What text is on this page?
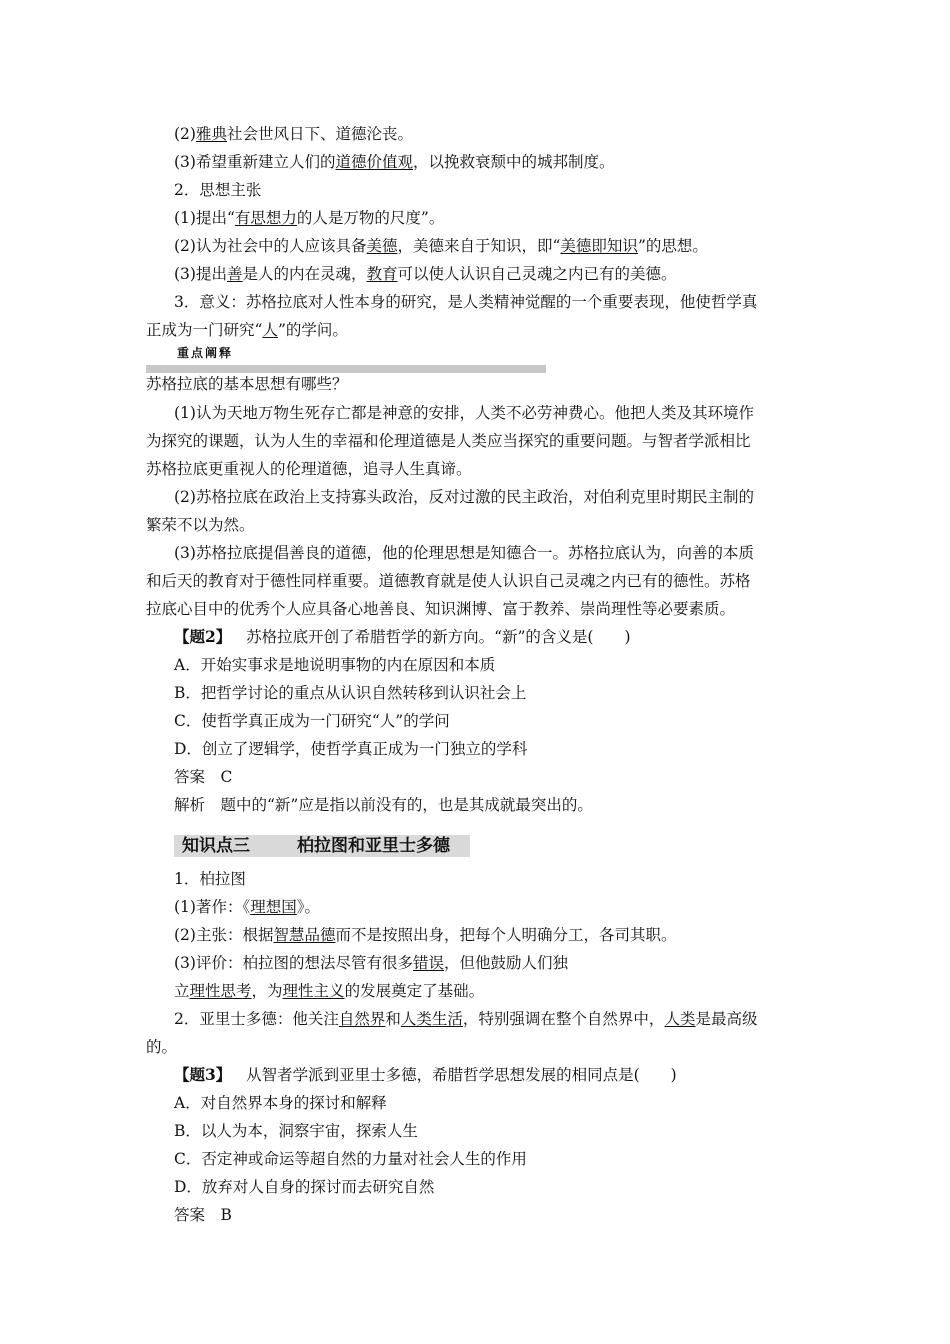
(2)雅典社会世风日下、道德沦丧。
(3)希望重新建立人们的道德价值观，以挽救衰颓中的城邦制度。
2．思想主张
(1)提出“有思想力的人是万物的尺度”。
(2)认为社会中的人应该具备美德，美德来自于知识，即“美德即知识”的思想。
(3)提出善是人的内在灵魂，教育可以使人认识自己灵魂之内已有的美德。
3．意义：苏格拉底对人性本身的研究，是人类精神觉醒的一个重要表现，他使哲学真
正成为一门研究“人”的学问。
重点阐释
苏格拉底的基本思想有哪些？
(1)认为天地万物生死存亡都是神意的安排，人类不必劳神费心。他把人类及其环境作
为探究的课题，认为人生的幸福和伦理道德是人类应当探究的重要问题。与智者学派相比
苏格拉底更重视人的伦理道德，追寻人生真谛。
(2)苏格拉底在政治上支持寡头政治，反对过激的民主政治，对伯利克里时期民主制的
繁荣不以为然。
(3)苏格拉底提倡善良的道德，他的伦理思想是知德合一。苏格拉底认为，向善的本质
和后天的教育对于德性同样重要。道德教育就是使人认识自己灵魂之内已有的德性。苏格
拉底心目中的优秀个人应具备心地善良、知识渊博、富于教养、崇尚理性等必要素质。
【题2】 苏格拉底开创了希腊哲学的新方向。“新”的含义是(　　)
A．开始实事求是地说明事物的内在原因和本质
B．把哲学讨论的重点从认识自然转移到认识社会上
C．使哲学真正成为一门研究“人”的学问
D．创立了逻辑学，使哲学真正成为一门独立的学科
答案　C
解析　题中的“新”应是指以前没有的，也是其成就最突出的。
知识点三	柏拉图和亚里士多德
1．柏拉图
(1)著作：《理想国》。
(2)主张：根据智慧品德而不是按照出身，把每个人明确分工，各司其职。
(3)评价：柏拉图的想法尽管有很多错误，但他鼓励人们独
立理性思考，为理性主义的发展奠定了基础。
2．亚里士多德：他关注自然界和人类生活，特别强调在整个自然界中，人类是最高级
的。
【题3】 从智者学派到亚里士多德，希腊哲学思想发展的相同点是(　　)
A．对自然界本身的探讨和解释
B．以人为本，洞察宇宙，探索人生
C．否定神或命运等超自然的力量对社会人生的作用
D．放弃对人自身的探讨而去研究自然
答案　B
